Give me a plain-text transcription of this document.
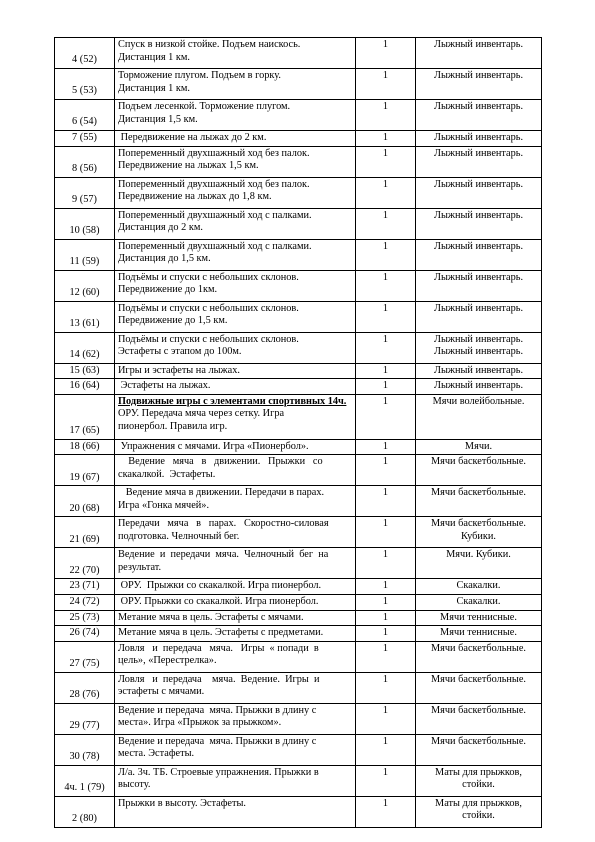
4 (52)	Спуск в низкой стойке. Подъем наискось.
Дистанция 1 км.	1	Лыжный инвентарь.

5 (53)	Торможение плугом. Подъем в горку.
Дистанция 1 км.	1	Лыжный инвентарь.

6 (54)	Подъем лесенкой. Торможение плугом.
Дистанция 1,5 км.	1	Лыжный инвентарь.

7 (55)	Передвижение на лыжах до 2 км.	1	Лыжный инвентарь.

8 (56)	Попеременный двухшажный ход без палок.
Передвижение на лыжах 1,5 км.	1	Лыжный инвентарь.

9 (57)	Попеременный двухшажный ход без палок.
Передвижение на лыжах до 1,8 км.	1	Лыжный инвентарь.

10 (58)	Попеременный двухшажный ход с палками.
Дистанция до 2 км.	1	Лыжный инвентарь.

11 (59)	Попеременный двухшажный ход с палками.
Дистанция до 1,5 км.	1	Лыжный инвентарь.

12 (60)	Подъёмы и спуски с небольших склонов.
Передвижение до 1км.	1	Лыжный инвентарь.

13 (61)	Подъёмы и спуски с небольших склонов.
Передвижение до 1,5 км.	1	Лыжный инвентарь.

14 (62)	Подъёмы и спуски с небольших склонов.
Эстафеты с этапом до 100м.	1	Лыжный инвентарь.
Лыжный инвентарь.

15 (63)	Игры и эстафеты на лыжах.	1	Лыжный инвентарь.

16 (64)	Эстафеты на лыжах.	1	Лыжный инвентарь.

17 (65)	Подвижные игры с элементами спортивных 14ч. ОРУ. Передача мяча через сетку. Игра

пионербол. Правила игр.	1	Мячи волейбольные.

18 (66)	Упражнения с мячами. Игра «Пионербол».	1	Мячи.

19 (67)	Ведение   мяча   в   движении.   Прыжки   со
скакалкой.  Эстафеты.	1	Мячи баскетбольные.

20 (68)	Ведение мяча в движении. Передачи в парах.
Игра «Гонка мячей».	1	Мячи баскетбольные.

21 (69)	Передачи   мяча   в   парах.   Скоростно-силовая
подготовка. Челночный бег.	1	Мячи баскетбольные.
Кубики.

22 (70)	Ведение  и  передачи  мяча.  Челночный  бег  на
результат.	1	Мячи. Кубики.

23 (71)	ОРУ.  Прыжки со скакалкой. Игра пионербол.	1	Скакалки.

24 (72)	ОРУ. Прыжки со скакалкой. Игра пионербол.	1	Скакалки.

25 (73)	Метание мяча в цель. Эстафеты с мячами.	1	Мячи теннисные.

26 (74)	Метание мяча в цель. Эстафеты с предметами.	1	Мячи теннисные.

27 (75)	Ловля   и  передача   мяча.   Игры  « попади  в
цель», «Перестрелка».	1	Мячи баскетбольные.

28 (76)	Ловля   и  передача    мяча.  Ведение.  Игры  и
эстафеты с мячами.	1	Мячи баскетбольные.

29 (77)	Ведение и передача  мяча. Прыжки в длину с
места». Игра «Прыжок за прыжком».	1	Мячи баскетбольные.

30 (78)	Ведение и передача  мяча. Прыжки в длину с
места. Эстафеты.	1	Мячи баскетбольные.

4ч. 1 (79)	Л/а. 3ч. ТБ. Строевые упражнения. Прыжки в
высоту.	1	Маты для прыжков,
стойки.

2 (80)	Прыжки в высоту. Эстафеты.	1	Маты для прыжков,
стойки.
